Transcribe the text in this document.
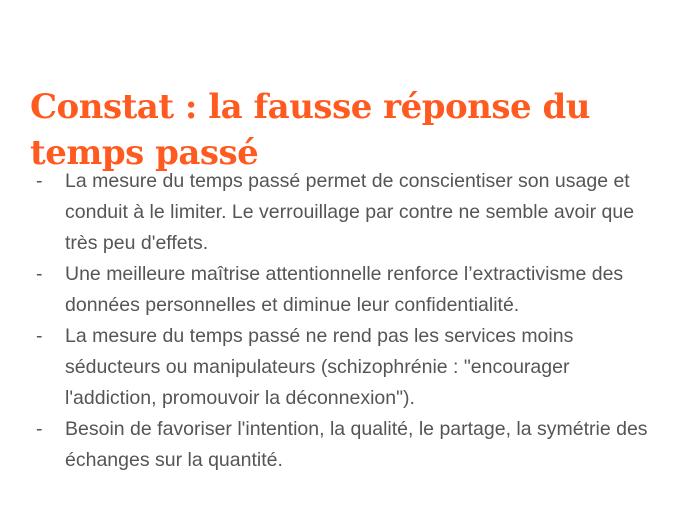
Constat : la fausse réponse du temps passé
-	La mesure du temps passé permet de conscientiser son usage et conduit à le limiter. Le verrouillage par contre ne semble avoir que très peu d'effets.
-	Une meilleure maîtrise attentionnelle renforce l’extractivisme des données personnelles et diminue leur confidentialité.
-	La mesure du temps passé ne rend pas les services moins séducteurs ou manipulateurs (schizophrénie : "encourager l'addiction, promouvoir la déconnexion").
-	Besoin de favoriser l'intention, la qualité, le partage, la symétrie des échanges sur la quantité.
